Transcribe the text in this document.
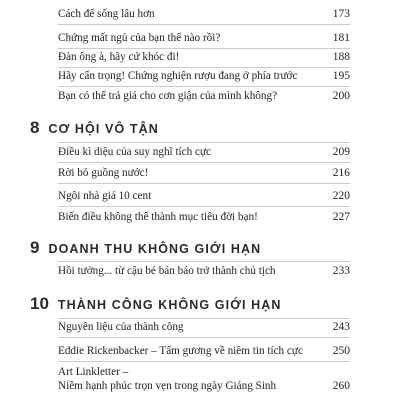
Cách để sống lâu hơn	173
Chứng mất ngủ của bạn thế nào rồi?	181
Đàn ông à, hãy cứ khóc đi!	188
Hãy cẩn trọng! Chứng nghiện rượu đang ở phía trước	195
Bạn có thể trả giá cho cơn giận của mình không?	200
8 CƠ HỘI VÔ TẬN
Điều kì diệu của suy nghĩ tích cực	209
Rời bỏ guồng nước!	216
Ngôi nhà giá 10 cent	220
Biến điều không thể thành mục tiêu đời bạn!	227
9 DOANH THU KHÔNG GIỚI HẠN
Hồi tưởng... từ cậu bé bán báo trở thành chủ tịch	233
10 THÀNH CÔNG KHÔNG GIỚI HẠN
Nguyên liệu của thành công	243
Eddie Rickenbacker – Tấm gương về niềm tin tích cực	250
Art Linkletter –
Niềm hạnh phúc trọn vẹn trong ngày Giáng Sinh	260
